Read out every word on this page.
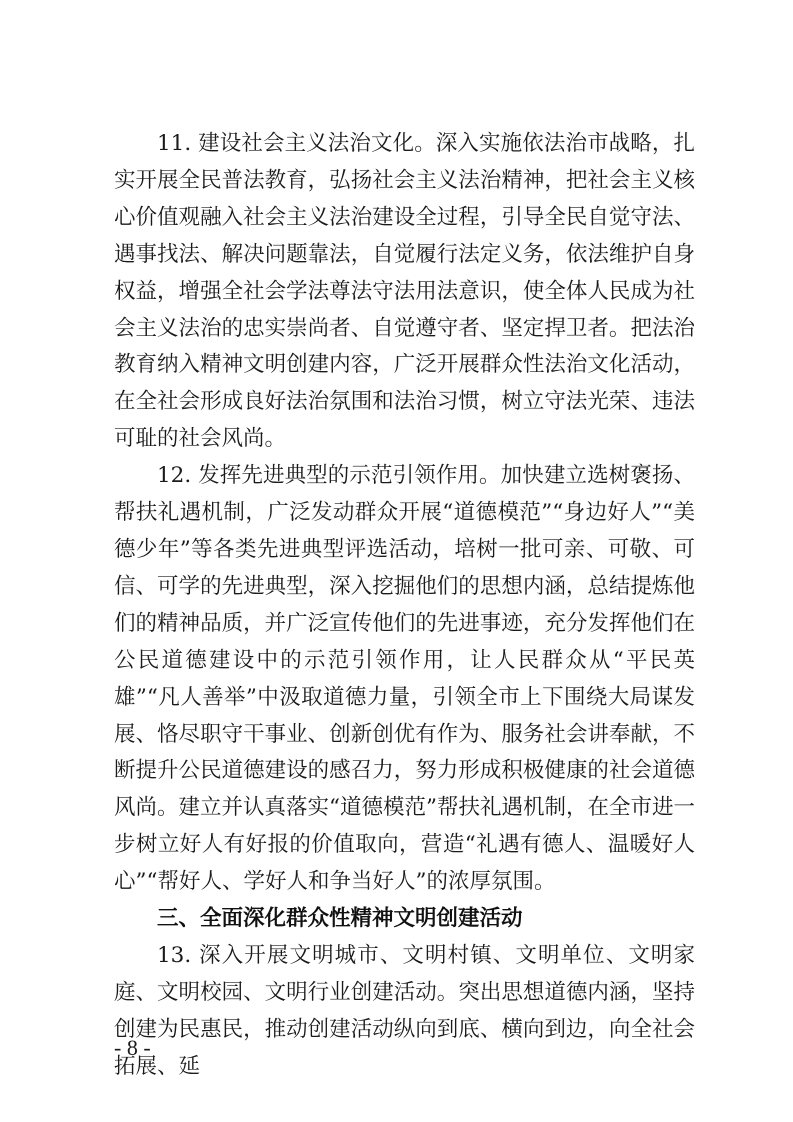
11. 建设社会主义法治文化。深入实施依法治市战略，扎实开展全民普法教育，弘扬社会主义法治精神，把社会主义核心价值观融入社会主义法治建设全过程，引导全民自觉守法、遇事找法、解决问题靠法，自觉履行法定义务，依法维护自身权益，增强全社会学法尊法守法用法意识，使全体人民成为社会主义法治的忠实崇尚者、自觉遵守者、坚定捍卫者。把法治教育纳入精神文明创建内容，广泛开展群众性法治文化活动，在全社会形成良好法治氛围和法治习惯，树立守法光荣、违法可耻的社会风尚。

12. 发挥先进典型的示范引领作用。加快建立选树褒扬、帮扶礼遇机制，广泛发动群众开展“道德模范”“身边好人”“美德少年”等各类先进典型评选活动，培树一批可亲、可敬、可信、可学的先进典型，深入挖掘他们的思想内涵，总结提炼他们的精神品质，并广泛宣传他们的先进事迹，充分发挥他们在公民道德建设中的示范引领作用，让人民群众从“平民英雄”“凡人善举”中汲取道德力量，引领全市上下围绕大局谋发展、恪尽职守干事业、创新创优有作为、服务社会讲奉献，不断提升公民道德建设的感召力，努力形成积极健康的社会道德风尚。建立并认真落实“道德模范”帮扶礼遇机制，在全市进一步树立好人有好报的价值取向，营造“礼遇有德人、温暖好人心”“帮好人、学好人和争当好人”的浓厚氛围。

三、全面深化群众性精神文明创建活动

13. 深入开展文明城市、文明村镇、文明单位、文明家庭、文明校园、文明行业创建活动。突出思想道德内涵，坚持创建为民惠民，推动创建活动纵向到底、横向到边，向全社会拓展、延

- 8 -
